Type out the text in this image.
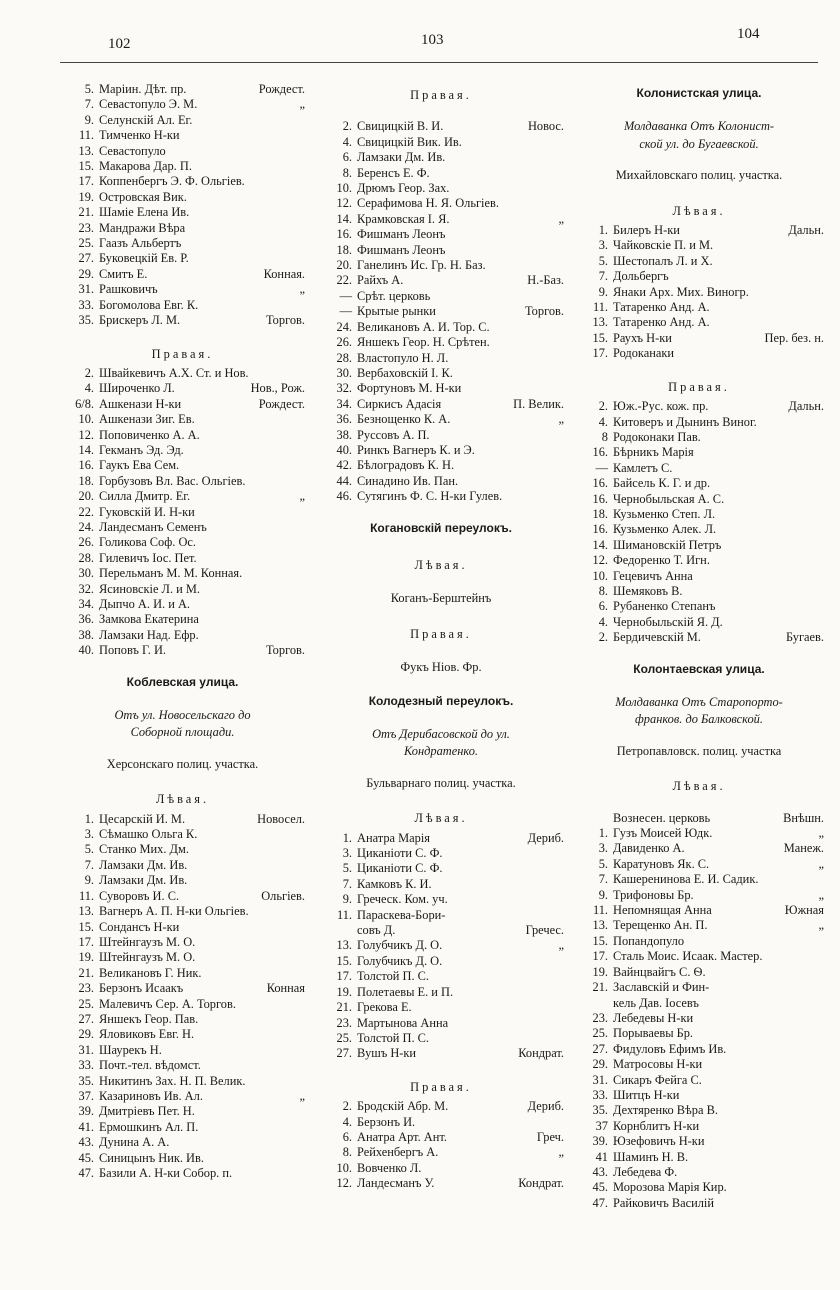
102	103	104
5. Маріин. Дѣт. пр.	Рождест.
7. Севастопуло Э. М.	„
9. Селунскій Ал. Ег.
11. Тимченко Н-ки
13. Севастопуло
15. Макарова Дар. П.
17. Коппенбергъ Э. Ф. Ольгіев.
19. Островская Вик.
21. Шаміе Елена Ив.
23. Мандражи Вѣра
25. Гаазъ Альбертъ
27. Буковецкій Ев. Р.
29. Смитъ Е.	Конная.
31. Рашковичъ	„
33. Богомолова Евг. К.
35. Брискеръ Л. М.	Торгов.
Правая.
2. Швайкевичъ А.Х. Ст. и Нов.
4. Широченко Л.	Нов., Рож.
6/8. Ашкенази Н-ки	Рождест.
10. Ашкенази Зиг. Ев.
12. Поповиченко А. А.
14. Гекманъ Эд. Эд.
16. Гаукъ Ева Сем.
18. Горбузовъ Вл. Вас. Ольгіев.
20. Силла Дмитр. Ег.	„
22. Гуковскій И. Н-ки
24. Ландесманъ Семенъ
26. Голикова Соф. Ос.
28. Гилевичъ Іос. Пет.
30. Перельманъ М. М. Конная.
32. Ясиновскіе Л. и М.
34. Дыпчо А. И. и А.
36. Замкова Екатерина
38. Ламзаки Над. Ефр.
40. Поповъ Г. И.	Торгов.
Коблевская улица.
Отъ ул. Новосельскаго до
Соборной площади.
Херсонскаго полиц. участка.
Лѣвая.
1. Цесарскій И. М.	Новосел.
3. Сѣмашко Ольга К.
5. Станко Мих. Дм.
7. Ламзаки Дм. Ив.
9. Ламзаки Дм. Ив.
11. Суворовъ И. С.	Ольгіев.
13. Вагнеръ А. П. Н-ки Ольгіев.
15. Сондансъ Н-ки
17. Штейнгаузъ М. О.
19. Штейнгаузъ М. О.
21. Великановъ Г. Ник.
23. Берзонъ Исаакъ	Конная
25. Малевичъ Сер. А. Торгов.
27. Яншекъ Геор. Пав.
29. Яловиковъ Евг. Н.
31. Шаурекъ Н.
33. Почт.-тел. вѣдомст.
35. Никитинъ Зах. Н. П. Велик.
37. Казариновъ Ив. Ал.	„
39. Дмитріевъ Пет. Н.
41. Ермошкинъ Ал. П.
43. Дунина А. А.
45. Синицынъ Ник. Ив.
47. Базили А. Н-ки Собор. п.
Правая.
2. Свицицкій В. И.	Новос.
4. Свицицкій Вик. Ив.
6. Ламзаки Дм. Ив.
8. Беренсъ Е. Ф.
10. Дрюмъ Геор. Зах.
12. Серафимова Н. Я. Ольгіев.
14. Крамковская І. Я.	„
16. Фишманъ Леонъ
18. Фишманъ Леонъ
20. Ганелинъ Ис. Гр. Н. Баз.
22. Райхъ А.	Н.-Баз.
— Срѣт. церковь
— Крытые рынки	Торгов.
24. Великановъ А. И. Тор. С.
26. Яншекъ Геор. Н. Срѣтен.
28. Властопуло Н. Л.
30. Вербаховскій І. К.
32. Фортуновъ М. Н-ки
34. Сиркисъ Адасія	П. Велик.
36. Безнощенко К. А.	„
38. Руссовъ А. П.
40. Ринкъ Вагнеръ К. и Э.
42. Бѣлоградовъ К. Н.
44. Синадино Ив. Пан.
46. Сутягинъ Ф. С. Н-ки Гулев.
Когановскій переулокъ.
Лѣвая.
Коганъ-Берштейнъ
Правая.
Фукъ Ніов. Фр.
Колодезный переулокъ.
Отъ Дерибасовской до ул.
Кондратенко.
Бульварнаго полиц. участка.
Лѣвая.
1. Анатра Марія	Дериб.
3. Циканіоти С. Ф.
5. Циканіоти С. Ф.
7. Камковъ К. И.
9. Греческ. Ком. уч.
11. Параскева-Бори-
совъ Д.	Гречес.
13. Голубчикъ Д. О.	„
15. Голубчикъ Д. О.
17. Толстой П. С.
19. Полетаевы Е. и П.
21. Грекова Е.
23. Мартынова Анна
25. Толстой П. С.
27. Вушъ Н-ки	Кондрат.
Правая.
2. Бродскій Абр. М.	Дериб.
4. Берзонъ И.
6. Анатра Арт. Ант.	Греч.
8. Рейхенбергъ А.	„
10. Вовченко Л.
12. Ландесманъ У.	Кондрат.
Колонистская улица.
Молдаванка Отъ Колонист-
ской ул. до Бугаевской.
Михайловскаго полиц. участка.
Лѣвая.
1. Билеръ Н-ки	Дальн.
3. Чайковскіе П. и М.
5. Шестопалъ Л. и Х.
7. Дольбергъ
9. Янаки Арх. Мих. Виногр.
11. Татаренко Анд. А.
13. Татаренко Анд. А.
15. Раухъ Н-ки	Пер. без. н.
17. Родоканаки
Правая.
2. Юж.-Рус. кож. пр.	Дальн.
4. Китоверъ и Дынинъ Виног.
8 Родоконаки Пав.
16. Бѣрникъ Марія
— Камлетъ С.
16. Байсель К. Г. и др.
16. Чернобыльская А. С.
18. Кузьменко Степ. Л.
16. Кузьменко Алек. Л.
14. Шимановскій Петръ
12. Федоренко Т. Игн.
10. Гецевичъ Анна
8. Шемяковъ В.
6. Рубаненко Степанъ
4. Чернобыльскій Я. Д.
2. Бердичевскій М.	Бугаев.
Колонтаевская улица.
Молдаванка Отъ Старопорто-
франков. до Балковской.
Петропавловск. полиц. участка
Лѣвая.
Вознесен. церковь	Внѣшн.
1. Гузъ Моисей Юдк.	„
3. Давиденко А.	Манеж.
5. Каратуновъ Як. С.	„
7. Кашеренинова Е. И. Садик.
9. Трифоновы Бр.	„
11. Непомнящая Анна	Южная
13. Терещенко Ан. П.	„
15. Попандопуло
17. Сталь Моис. Исаак. Мастер.
19. Вайнцвайгъ С. Ѳ.
21. Заславскій и Фин-
кель Дав. Іосевъ
23. Лебедевы Н-ки
25. Порываевы Бр.
27. Фидуловъ Ефимъ Ив.
29. Матросовы Н-ки
31. Сикаръ Фейга С.
33. Шитцъ Н-ки
35. Дехтяренко Вѣра В.
37 Корнблитъ Н-ки
39. Юзефовичъ Н-ки
41 Шаминъ Н. В.
43. Лебедева Ф.
45. Морозова Марія Кир.
47. Райковичъ Василій
